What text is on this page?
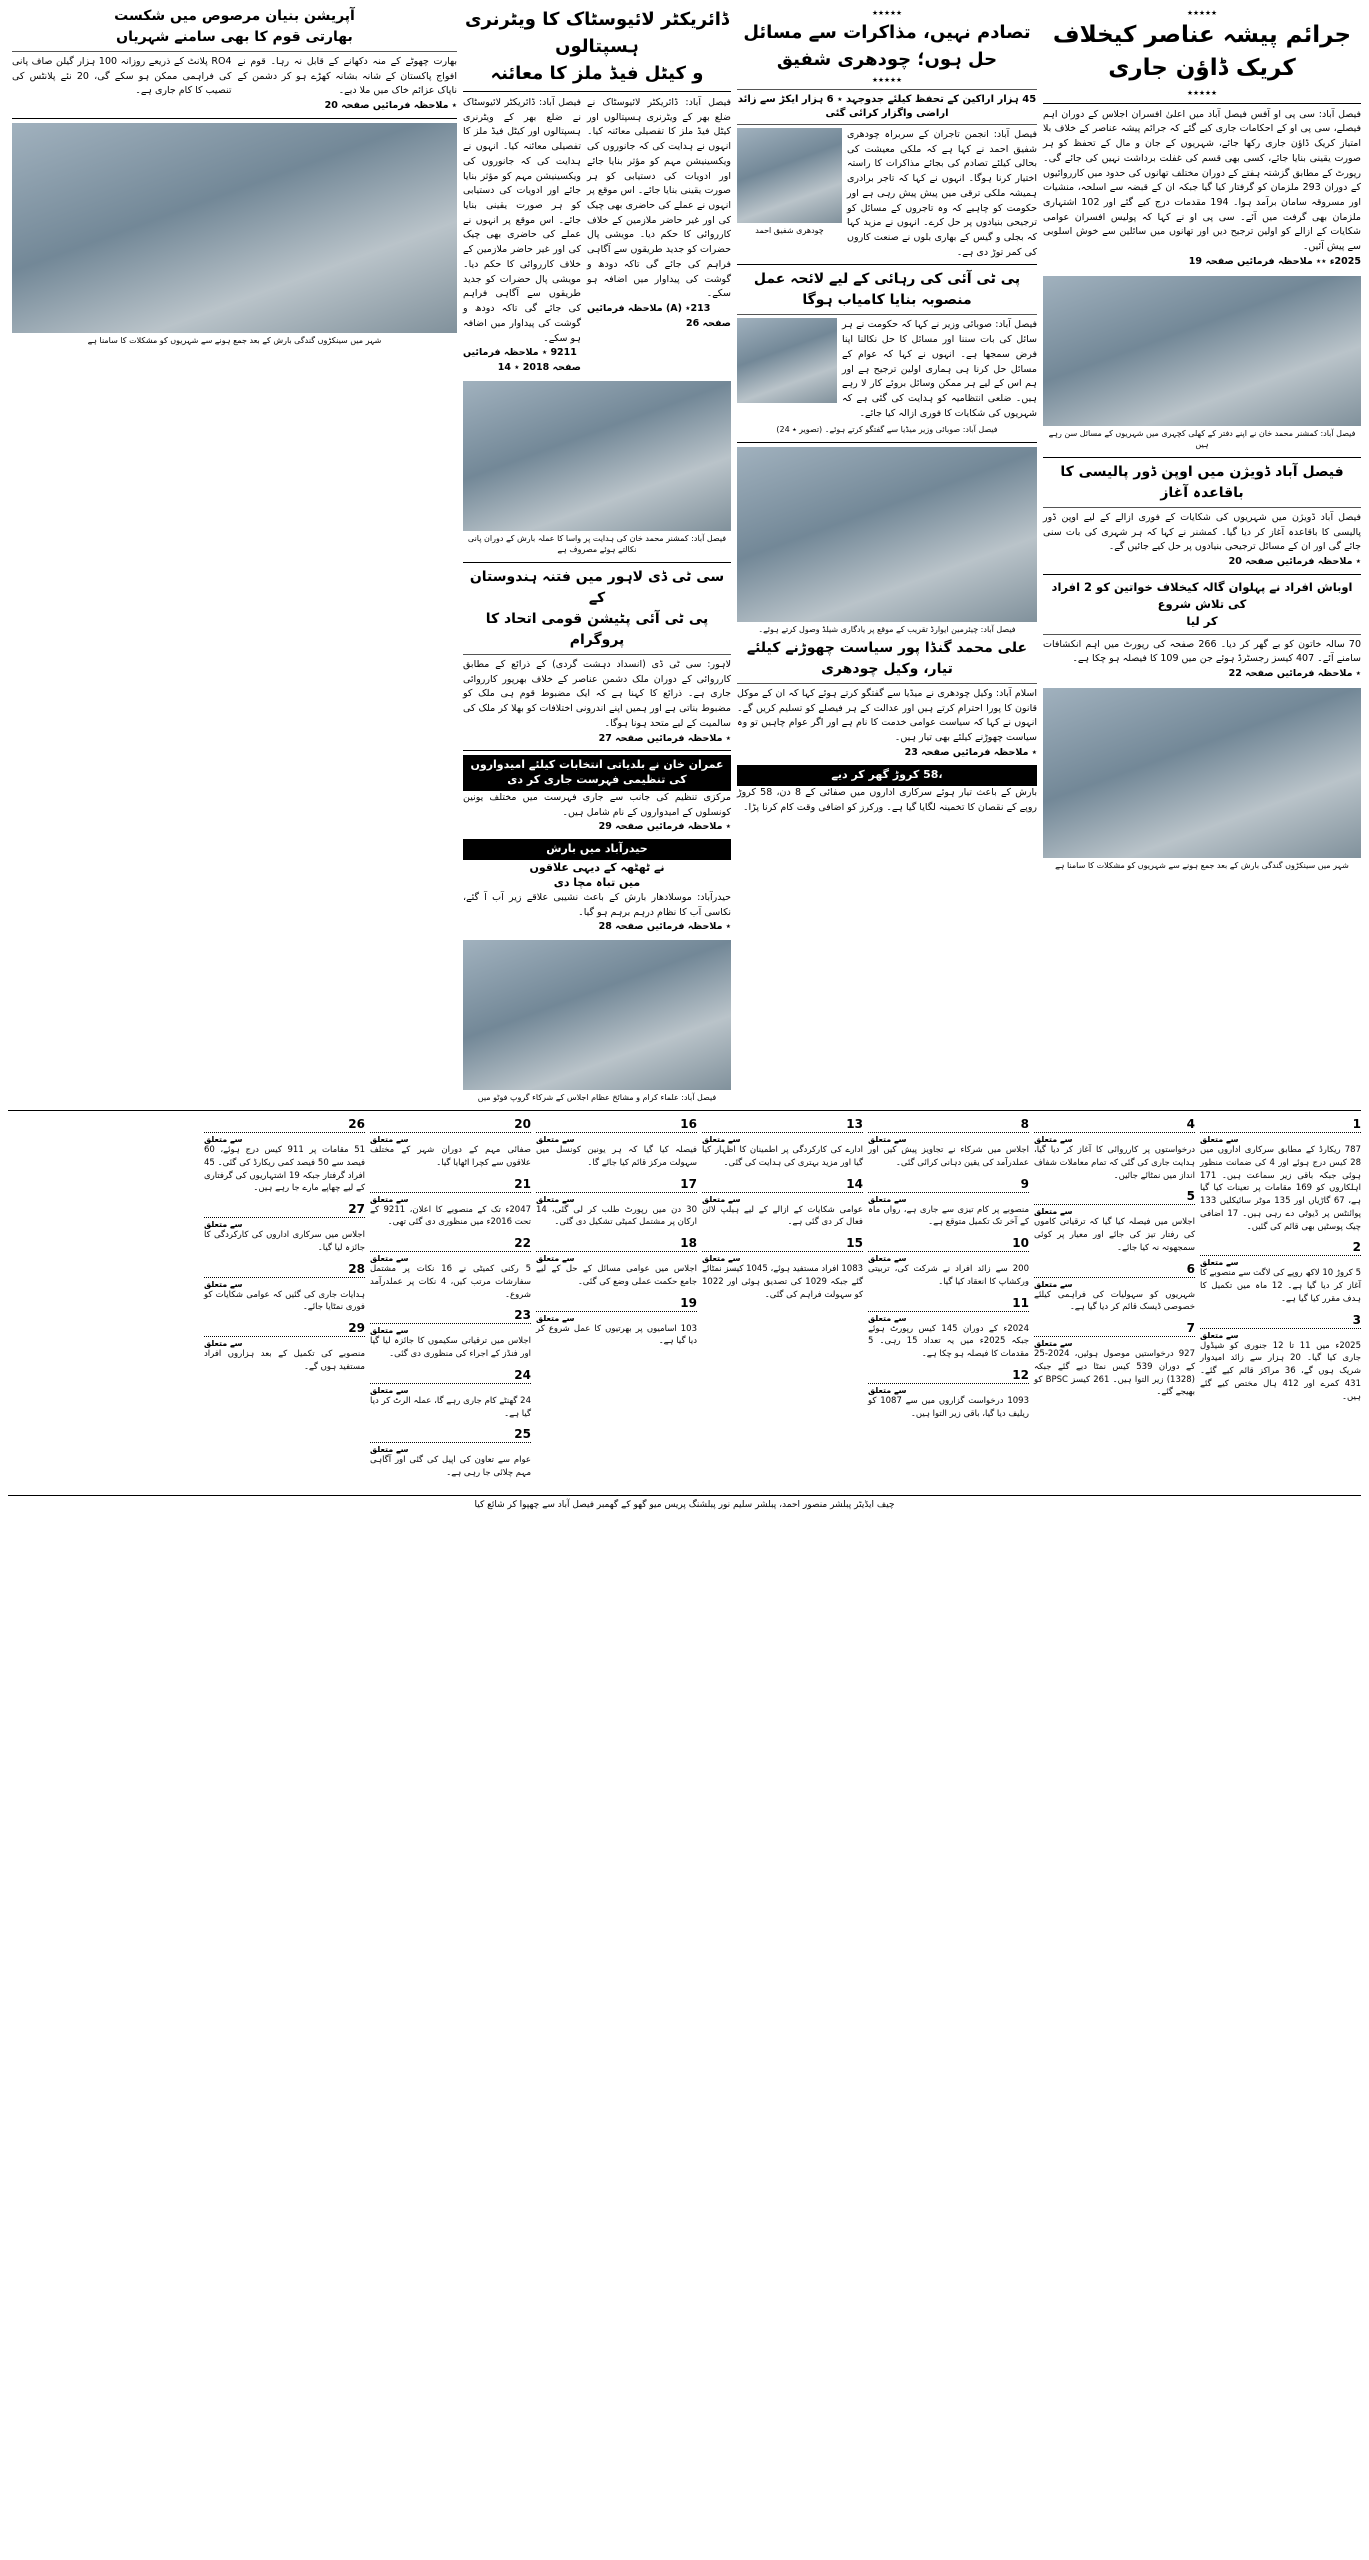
٭٭٭٭٭
جرائم پیشہ عناصر کیخلاف
کریک ڈاؤن جاری
٭٭٭٭٭
فیصل آباد: سی پی او آفس فیصل آباد میں اعلیٰ افسران اجلاس کے دوران اہم فیصلے، سی پی او کے احکامات جاری کیے گئے کہ جرائم پیشہ عناصر کے خلاف بلا امتیاز کریک ڈاؤن جاری رکھا جائے، شہریوں کے جان و مال کے تحفظ کو ہر صورت یقینی بنایا جائے، کسی بھی قسم کی غفلت برداشت نہیں کی جائے گی۔ رپورٹ کے مطابق گزشتہ ہفتے کے دوران مختلف تھانوں کی حدود میں کارروائیوں کے دوران 293 ملزمان کو گرفتار کیا گیا جبکہ ان کے قبضہ سے اسلحہ، منشیات اور مسروقہ سامان برآمد ہوا۔ 194 مقدمات درج کیے گئے اور 102 اشتہاری ملزمان بھی گرفت میں آئے۔ سی پی او نے کہا کہ پولیس افسران عوامی شکایات کے ازالے کو اولین ترجیح دیں اور تھانوں میں سائلین سے خوش اسلوبی سے پیش آئیں۔
2025ء ٭٭ ملاحظہ فرمائیں صفحہ 19
فیصل آباد: کمشنر محمد خان نے اپنے دفتر کے کھلی کچہری میں شہریوں کے مسائل سن رہے ہیں
فیصل آباد ڈویژن میں اوپن ڈور پالیسی کا باقاعدہ آغاز
فیصل آباد ڈویژن میں شہریوں کی شکایات کے فوری ازالے کے لیے اوپن ڈور پالیسی کا باقاعدہ آغاز کر دیا گیا۔ کمشنر نے کہا کہ ہر شہری کی بات سنی جائے گی اور ان کے مسائل ترجیحی بنیادوں پر حل کیے جائیں گے۔
٭ ملاحظہ فرمائیں صفحہ 20
اوباش افراد نے پہلوان گالہ کیخلاف خواتین کو 2 افراد کی تلاش شروع
کر لیا
70 سالہ خاتون کو بے گھر کر دیا۔ 266 صفحہ کی رپورٹ میں اہم انکشافات سامنے آئے۔ 407 کیسز رجسٹرڈ ہوئے جن میں 109 کا فیصلہ ہو چکا ہے۔
٭ ملاحظہ فرمائیں صفحہ 22
شہر میں سینکڑوں گندگی بارش کے بعد جمع ہونے سے شہریوں کو مشکلات کا سامنا ہے
٭٭٭٭٭
تصادم نہیں، مذاکرات سے مسائل حل ہوں؛ چودھری شفیق
٭٭٭٭٭
45 ہزار اراکین کے تحفظ کیلئے جدوجہد ٭ 6 ہزار ایکڑ سے زائد اراضی واگزار کرائی گئی
فیصل آباد: انجمن تاجران کے سربراہ چودھری شفیق احمد نے کہا ہے کہ ملکی معیشت کی بحالی کیلئے تصادم کی بجائے مذاکرات کا راستہ اختیار کرنا ہوگا۔ انہوں نے کہا کہ تاجر برادری ہمیشہ ملکی ترقی میں پیش پیش رہی ہے اور حکومت کو چاہیے کہ وہ تاجروں کے مسائل کو ترجیحی بنیادوں پر حل کرے۔ انہوں نے مزید کہا کہ بجلی و گیس کے بھاری بلوں نے صنعت کاروں کی کمر توڑ دی ہے۔
چودھری شفیق احمد
پی ٹی آئی کی رہائی کے لیے لائحہ عمل منصوبہ بنایا کامیاب ہوگا
فیصل آباد: صوبائی وزیر نے کہا کہ حکومت نے ہر سائل کی بات سننا اور مسائل کا حل نکالنا اپنا فرض سمجھا ہے۔ انہوں نے کہا کہ عوام کے مسائل حل کرنا ہی ہماری اولین ترجیح ہے اور ہم اس کے لیے ہر ممکن وسائل بروئے کار لا رہے ہیں۔ ضلعی انتظامیہ کو ہدایت کی گئی ہے کہ شہریوں کی شکایات کا فوری ازالہ کیا جائے۔
فیصل آباد: صوبائی وزیر میڈیا سے گفتگو کرتے ہوئے۔ (تصویر ٭ 24)
فیصل آباد: چیئرمین ایوارڈ تقریب کے موقع پر یادگاری شیلڈ وصول کرتے ہوئے۔
علی محمد گنڈا پور سیاست چھوڑنے کیلئے تیار، وکیل چودھری
اسلام آباد: وکیل چودھری نے میڈیا سے گفتگو کرتے ہوئے کہا کہ ان کے موکل قانون کا پورا احترام کرتے ہیں اور عدالت کے ہر فیصلے کو تسلیم کریں گے۔ انہوں نے کہا کہ سیاست عوامی خدمت کا نام ہے اور اگر عوام چاہیں تو وہ سیاست چھوڑنے کیلئے بھی تیار ہیں۔
٭ ملاحظہ فرمائیں صفحہ 23
،58 کروڑ گھر کر دیے
بارش کے باعث تیار ہوئے سرکاری اداروں میں صفائی کے 8 دن، 58 کروڑ روپے کے نقصان کا تخمینہ لگایا گیا ہے۔ ورکرز کو اضافی وقت کام کرنا پڑا۔
ڈائریکٹر لائیوسٹاک کا ویٹرنری ہسپتالوں
و کیٹل فیڈ ملز کا معائنہ
فیصل آباد: ڈائریکٹر لائیوسٹاک نے ضلع بھر کے ویٹرنری ہسپتالوں اور کیٹل فیڈ ملز کا تفصیلی معائنہ کیا۔ انہوں نے ہدایت کی کہ جانوروں کی ویکسینیشن مہم کو مؤثر بنایا جائے اور ادویات کی دستیابی کو ہر صورت یقینی بنایا جائے۔ اس موقع پر انہوں نے عملے کی حاضری بھی چیک کی اور غیر حاضر ملازمین کے خلاف کارروائی کا حکم دیا۔ مویشی پال حضرات کو جدید طریقوں سے آگاہی فراہم کی جائے گی تاکہ دودھ و گوشت کی پیداوار میں اضافہ ہو سکے۔
213٭ (A) ملاحظہ فرمائیں صفحہ 26
فیصل آباد: ڈائریکٹر لائیوسٹاک نے ضلع بھر کے ویٹرنری ہسپتالوں اور کیٹل فیڈ ملز کا تفصیلی معائنہ کیا۔ انہوں نے ہدایت کی کہ جانوروں کی ویکسینیشن مہم کو مؤثر بنایا جائے اور ادویات کی دستیابی کو ہر صورت یقینی بنایا جائے۔ اس موقع پر انہوں نے عملے کی حاضری بھی چیک کی اور غیر حاضر ملازمین کے خلاف کارروائی کا حکم دیا۔ مویشی پال حضرات کو جدید طریقوں سے آگاہی فراہم کی جائے گی تاکہ دودھ و گوشت کی پیداوار میں اضافہ ہو سکے۔
9211 ٭ ملاحظہ فرمائیں صفحہ 2018 ٭ 14
فیصل آباد: کمشنر محمد خان کی ہدایت پر واسا کا عملہ بارش کے دوران پانی نکالتے ہوئے مصروف ہے
سی ٹی ڈی لاہور میں فتنہ ہندوستان کے
پی ٹی آئی پٹیشن قومی اتحاد کا پروگرام
لاہور: سی ٹی ڈی (انسداد دہشت گردی) کے ذرائع کے مطابق کارروائی کے دوران ملک دشمن عناصر کے خلاف بھرپور کارروائی جاری ہے۔ ذرائع کا کہنا ہے کہ ایک مضبوط قوم ہی ملک کو مضبوط بناتی ہے اور ہمیں اپنے اندرونی اختلافات کو بھلا کر ملک کی سالمیت کے لیے متحد ہونا ہوگا۔
٭ ملاحظہ فرمائیں صفحہ 27
عمران خان نے بلدیاتی انتخابات کیلئے امیدواروں کی تنظیمی فہرست جاری کر دی
مرکزی تنظیم کی جانب سے جاری فہرست میں مختلف یونین کونسلوں کے امیدواروں کے نام شامل ہیں۔
٭ ملاحظہ فرمائیں صفحہ 29
حیدرآباد میں بارش
نے ٹھٹھہ کے دیہی علاقوں
میں تباہ مچا دی
حیدرآباد: موسلادھار بارش کے باعث نشیبی علاقے زیر آب آ گئے، نکاسی آب کا نظام درہم برہم ہو گیا۔
٭ ملاحظہ فرمائیں صفحہ 28
فیصل آباد: علماء کرام و مشائخ عظام اجلاس کے شرکاء گروپ فوٹو میں
آپریشن بنیان مرصوص میں شکست
بھارتی قوم کا بھی سامنے شہریاں
بھارت چھوٹے کے منہ دکھانے کے قابل نہ رہا۔ قوم نے افواج پاکستان کے شانہ بشانہ کھڑے ہو کر دشمن کے ناپاک عزائم خاک میں ملا دیے۔
RO4 پلانٹ کے ذریعے روزانہ 100 ہزار گیلن صاف پانی کی فراہمی ممکن ہو سکے گی، 20 نئے پلانٹس کی تنصیب کا کام جاری ہے۔
٭ ملاحظہ فرمائیں صفحہ 20
شہر میں سینکڑوں گندگی بارش کے بعد جمع ہونے سے شہریوں کو مشکلات کا سامنا ہے
1
سے متعلق
787 ریکارڈ کے مطابق سرکاری اداروں میں 28 کیس درج ہوئے اور 4 کی ضمانت منظور ہوئی جبکہ باقی زیر سماعت ہیں۔ 171 اہلکاروں کو 169 مقامات پر تعینات کیا گیا ہے، 67 گاڑیاں اور 135 موٹر سائیکلیں 133 پوائنٹس پر ڈیوٹی دے رہی ہیں۔ 17 اضافی چیک پوسٹیں بھی قائم کی گئیں۔
2
سے متعلق
5 کروڑ 10 لاکھ روپے کی لاگت سے منصوبے کا آغاز کر دیا گیا ہے۔ 12 ماہ میں تکمیل کا ہدف مقرر کیا گیا ہے۔
3
سے متعلق
2025ء میں 11 تا 12 جنوری کو شیڈول جاری کیا گیا۔ 20 ہزار سے زائد امیدوار شریک ہوں گے، 36 مراکز قائم کیے گئے۔ 431 کمرے اور 412 ہال مختص کیے گئے ہیں۔
4
سے متعلق
درخواستوں پر کارروائی کا آغاز کر دیا گیا، ہدایت جاری کی گئی کہ تمام معاملات شفاف انداز میں نمٹائے جائیں۔
5
سے متعلق
اجلاس میں فیصلہ کیا گیا کہ ترقیاتی کاموں کی رفتار تیز کی جائے اور معیار پر کوئی سمجھوتہ نہ کیا جائے۔
6
سے متعلق
شہریوں کو سہولیات کی فراہمی کیلئے خصوصی ڈیسک قائم کر دیا گیا ہے۔
7
سے متعلق
927 درخواستیں موصول ہوئیں، 2024-25 کے دوران 539 کیس نمٹا دیے گئے جبکہ (1328) زیر التوا ہیں۔ 261 کیسز BPSC کو بھیجے گئے۔
8
سے متعلق
اجلاس میں شرکاء نے تجاویز پیش کیں اور عملدرآمد کی یقین دہانی کرائی گئی۔
9
سے متعلق
منصوبے پر کام تیزی سے جاری ہے، رواں ماہ کے آخر تک تکمیل متوقع ہے۔
10
سے متعلق
200 سے زائد افراد نے شرکت کی، تربیتی ورکشاپ کا انعقاد کیا گیا۔
11
سے متعلق
2024ء کے دوران 145 کیس رپورٹ ہوئے جبکہ 2025ء میں یہ تعداد 15 رہی۔ 5 مقدمات کا فیصلہ ہو چکا ہے۔
12
سے متعلق
1093 درخواست گزاروں میں سے 1087 کو ریلیف دیا گیا، باقی زیر التوا ہیں۔
13
سے متعلق
ادارے کی کارکردگی پر اطمینان کا اظہار کیا گیا اور مزید بہتری کی ہدایت کی گئی۔
14
سے متعلق
عوامی شکایات کے ازالے کے لیے ہیلپ لائن فعال کر دی گئی ہے۔
15
سے متعلق
1083 افراد مستفید ہوئے، 1045 کیسز نمٹائے گئے جبکہ 1029 کی تصدیق ہوئی اور 1022 کو سہولت فراہم کی گئی۔
16
سے متعلق
فیصلہ کیا گیا کہ ہر یونین کونسل میں سہولت مرکز قائم کیا جائے گا۔
17
سے متعلق
30 دن میں رپورٹ طلب کر لی گئی، 14 ارکان پر مشتمل کمیٹی تشکیل دی گئی۔
18
سے متعلق
اجلاس میں عوامی مسائل کے حل کے لیے جامع حکمت عملی وضع کی گئی۔
19
سے متعلق
103 اسامیوں پر بھرتیوں کا عمل شروع کر دیا گیا ہے۔
20
سے متعلق
صفائی مہم کے دوران شہر کے مختلف علاقوں سے کچرا اٹھایا گیا۔
21
سے متعلق
2047ء تک کے منصوبے کا اعلان، 9211 کے تحت 2016ء میں منظوری دی گئی تھی۔
22
سے متعلق
5 رکنی کمیٹی نے 16 نکات پر مشتمل سفارشات مرتب کیں، 4 نکات پر عملدرآمد شروع۔
23
سے متعلق
اجلاس میں ترقیاتی سکیموں کا جائزہ لیا گیا اور فنڈز کے اجراء کی منظوری دی گئی۔
24
سے متعلق
24 گھنٹے کام جاری رہے گا، عملہ الرٹ کر دیا گیا ہے۔
25
سے متعلق
عوام سے تعاون کی اپیل کی گئی اور آگاہی مہم چلائی جا رہی ہے۔
26
سے متعلق
51 مقامات پر 911 کیس درج ہوئے، 60 فیصد سے 50 فیصد کمی ریکارڈ کی گئی۔ 45 افراد گرفتار جبکہ 19 اشتہاریوں کی گرفتاری کے لیے چھاپے مارے جا رہے ہیں۔
27
سے متعلق
اجلاس میں سرکاری اداروں کی کارکردگی کا جائزہ لیا گیا۔
28
سے متعلق
ہدایات جاری کی گئیں کہ عوامی شکایات کو فوری نمٹایا جائے۔
29
سے متعلق
منصوبے کی تکمیل کے بعد ہزاروں افراد مستفید ہوں گے۔
چیف ایڈیٹر پبلشر منصور احمد، پبلشر سلیم نور پبلشنگ پریس میو گھو کے گھمبر فیصل آباد سے چھپوا کر شائع کیا
